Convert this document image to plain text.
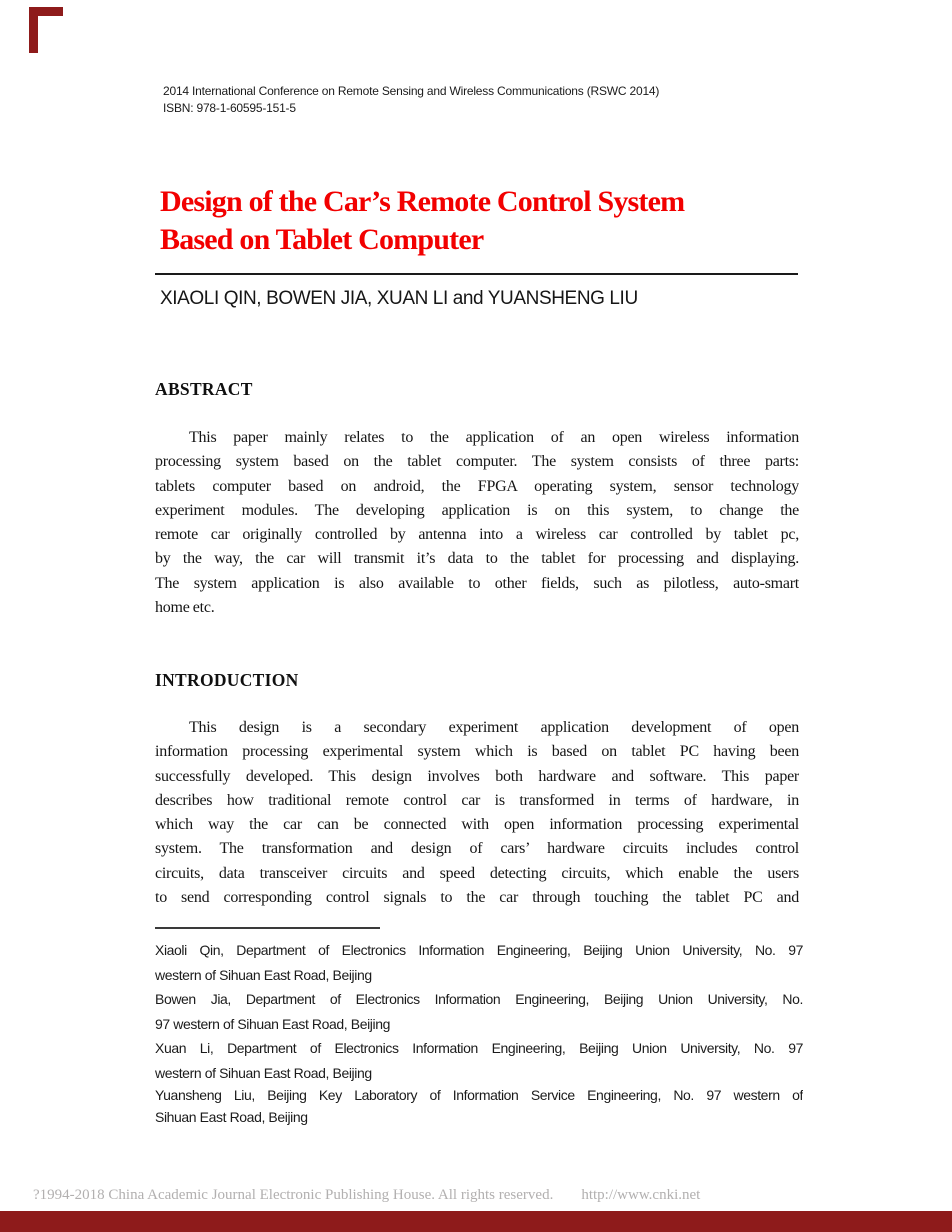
2014 International Conference on Remote Sensing and Wireless Communications (RSWC 2014)
ISBN: 978-1-60595-151-5
Design of the Car’s Remote Control System
Based on Tablet Computer
XIAOLI QIN, BOWEN JIA, XUAN LI and YUANSHENG LIU
ABSTRACT
This paper mainly relates to the application of an open wireless information
processing system based on the tablet computer. The system consists of three parts:
tablets computer based on android, the FPGA operating system, sensor technology
experiment modules. The developing application is on this system, to change the
remote car originally controlled by antenna into a wireless car controlled by tablet pc,
by the way, the car will transmit it’s data to the tablet for processing and displaying.
The system application is also available to other fields, such as pilotless, auto-smart
home etc.
INTRODUCTION
This design is a secondary experiment application development of open
information processing experimental system which is based on tablet PC having been
successfully developed. This design involves both hardware and software. This paper
describes how traditional remote control car is transformed in terms of hardware, in
which way the car can be connected with open information processing experimental
system. The transformation and design of cars’ hardware circuits includes control
circuits, data transceiver circuits and speed detecting circuits, which enable the users
to send corresponding control signals to the car through touching the tablet PC and
Xiaoli Qin, Department of Electronics Information Engineering, Beijing Union University, No. 97
western of Sihuan East Road, Beijing
Bowen Jia, Department of Electronics Information Engineering, Beijing Union University, No.
97 western of Sihuan East Road, Beijing
Xuan Li, Department of Electronics Information Engineering, Beijing Union University, No. 97
western of Sihuan East Road, Beijing
Yuansheng Liu, Beijing Key Laboratory of Information Service Engineering, No. 97 western of
Sihuan East Road, Beijing
?1994-2018 China Academic Journal Electronic Publishing House. All rights reserved. http://www.cnki.net
